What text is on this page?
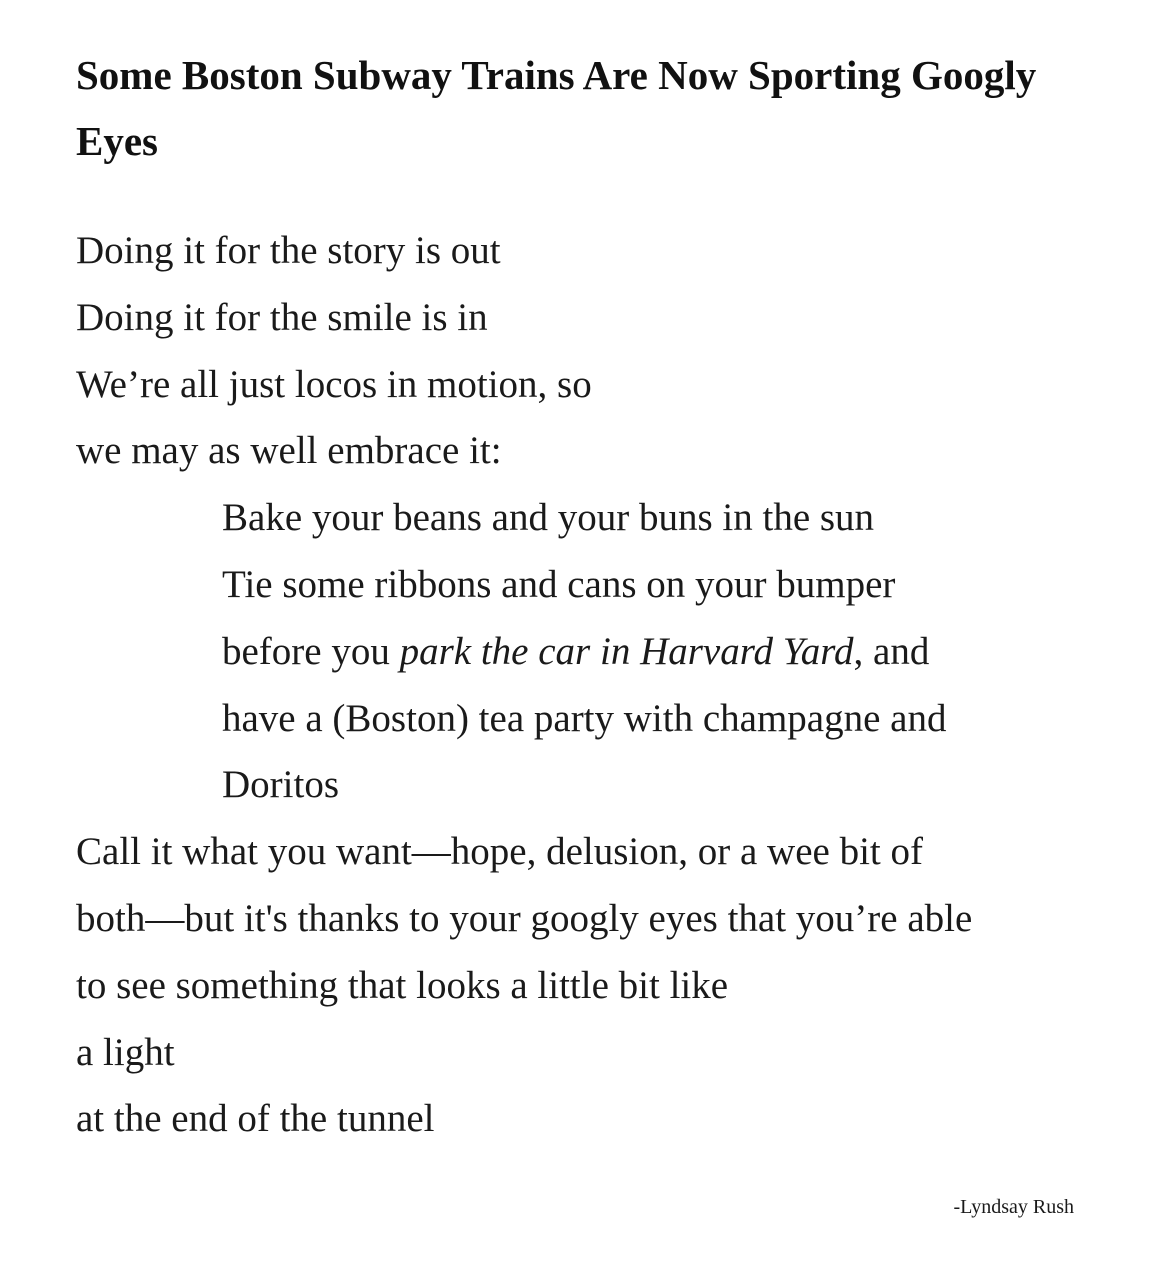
Some Boston Subway Trains Are Now Sporting Googly Eyes
Doing it for the story is out
Doing it for the smile is in
We’re all just locos in motion, so
we may as well embrace it:
Bake your beans and your buns in the sun
Tie some ribbons and cans on your bumper
before you park the car in Harvard Yard, and
have a (Boston) tea party with champagne and
Doritos
Call it what you want—hope, delusion, or a wee bit of
both—but it's thanks to your googly eyes that you’re able
to see something that looks a little bit like
a light
at the end of the tunnel
-Lyndsay Rush
